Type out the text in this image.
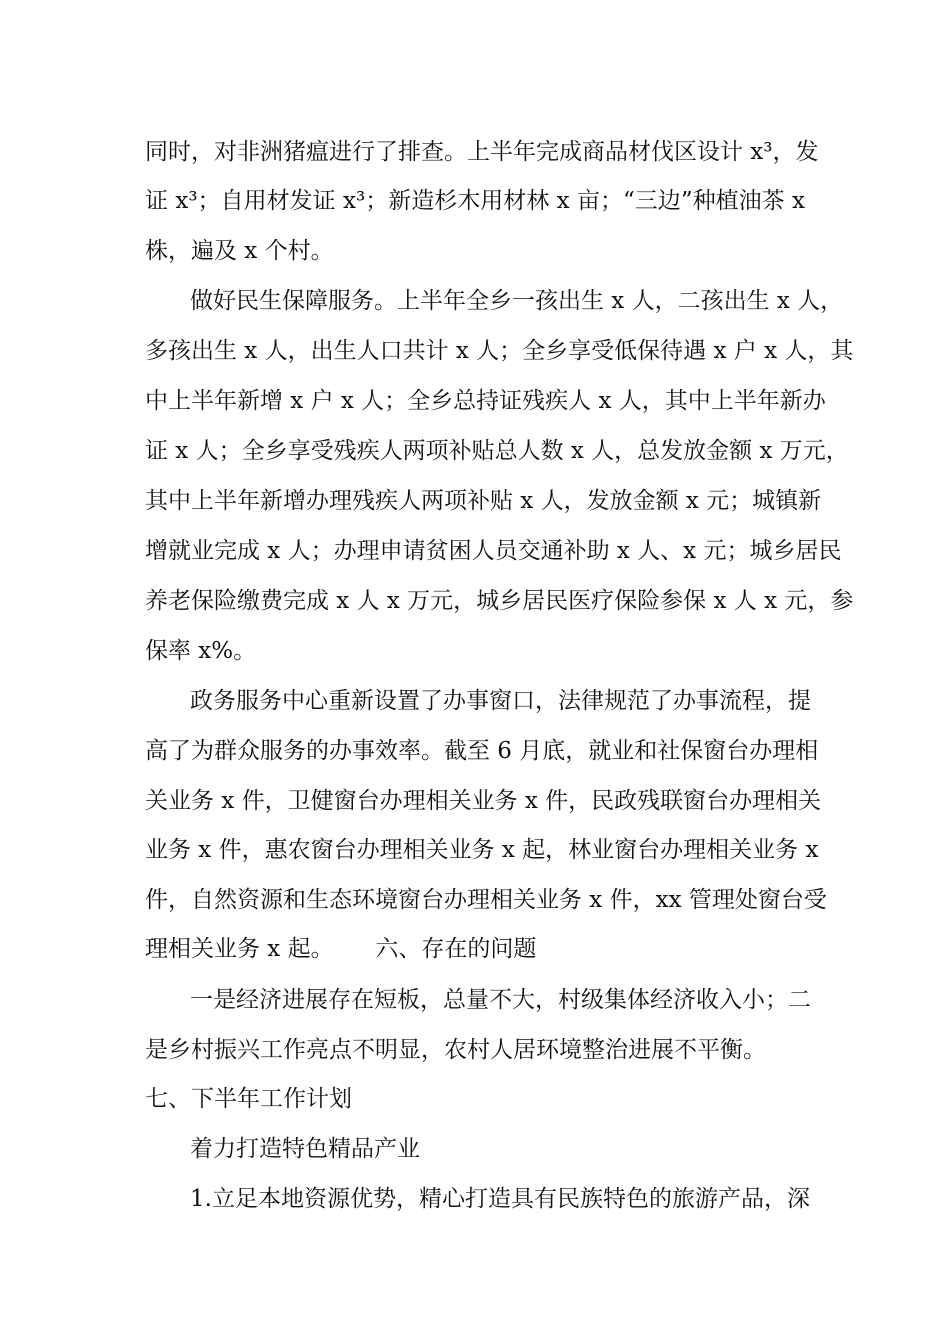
同时，对非洲猪瘟进行了排查。上半年完成商品材伐区设计 x³，发
证 x³；自用材发证 x³；新造杉木用材林 x 亩；“三边”种植油茶 x
株，遍及 x 个村。
做好民生保障服务。上半年全乡一孩出生 x 人，二孩出生 x 人，
多孩出生 x 人，出生人口共计 x 人；全乡享受低保待遇 x 户 x 人，其
中上半年新增 x 户 x 人；全乡总持证残疾人 x 人，其中上半年新办
证 x 人；全乡享受残疾人两项补贴总人数 x 人，总发放金额 x 万元，
其中上半年新增办理残疾人两项补贴 x 人，发放金额 x 元；城镇新
增就业完成 x 人；办理申请贫困人员交通补助 x 人、x 元；城乡居民
养老保险缴费完成 x 人 x 万元，城乡居民医疗保险参保 x 人 x 元，参
保率 x%。
政务服务中心重新设置了办事窗口，法律规范了办事流程，提
高了为群众服务的办事效率。截至 6 月底，就业和社保窗台办理相
关业务 x 件，卫健窗台办理相关业务 x 件，民政残联窗台办理相关
业务 x 件，惠农窗台办理相关业务 x 起，林业窗台办理相关业务 x
件，自然资源和生态环境窗台办理相关业务 x 件，xx 管理处窗台受
理相关业务 x 起。　　 六、存在的问题
一是经济进展存在短板，总量不大，村级集体经济收入小；二
是乡村振兴工作亮点不明显，农村人居环境整治进展不平衡。
七、下半年工作计划
着力打造特色精品产业
1.立足本地资源优势，精心打造具有民族特色的旅游产品，深
